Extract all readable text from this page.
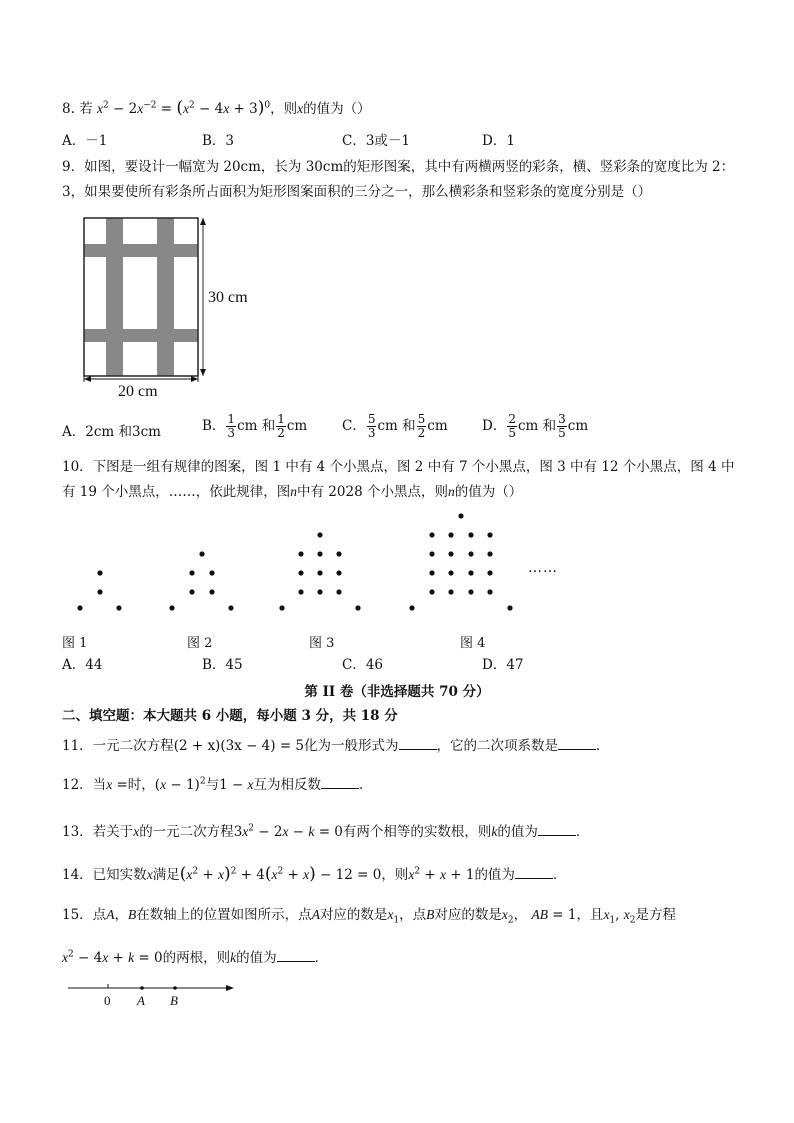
8. 若 $x^2 - 2x^{-2} = (x^2 - 4x + 3)^0$，则x的值为（）
A．－1	B．3	C．3或－1	D．1
9．如图，要设计一幅宽为 20cm，长为 30cm的矩形图案，其中有两横两竖的彩条，横、竖彩条的宽度比为 2：
3，如果要使所有彩条所占面积为矩形图案面积的三分之一，那么横彩条和竖彩条的宽度分别是（）
30 cm
20 cm
A．2cm 和3cm	B． $\frac{1}{3}$ cm 和 $\frac{1}{2}$ cm	C． $\frac{5}{3}$ cm 和 $\frac{5}{2}$ cm	D． $\frac{2}{5}$ cm 和 $\frac{3}{5}$ cm
10．下图是一组有规律的图案，图 1 中有 4 个小黑点，图 2 中有 7 个小黑点，图 3 中有 12 个小黑点，图 4 中
有 19 个小黑点，……，依此规律，图n中有 2028 个小黑点，则n的值为（）
……
图 1	图 2	图 3	图 4
A．44	B．45	C．46	D．47
第 II 卷（非选择题共 70 分）
二、填空题：本大题共 6 小题，每小题 3 分，共 18 分
11．一元二次方程(2 + x)(3x − 4) = 5化为一般形式为	，它的二次项系数是	．
12．当x =时，$(x - 1)^2$与1 − x互为相反数	．
13．若关于x的一元二次方程$3x^2 - 2x - k = 0$有两个相等的实数根，则k的值为	．
14．已知实数x满足$(x^2 + x)^2 + 4(x^2 + x) - 12 = 0$，则$x^2 + x + 1$的值为	．
15．点A，B在数轴上的位置如图所示，点A对应的数是$x_1$，点B对应的数是$x_2$， AB = 1，且$x_1$, $x_2$是方程
$x^2 - 4x + k = 0$的两根，则k的值为	．
0 A B
